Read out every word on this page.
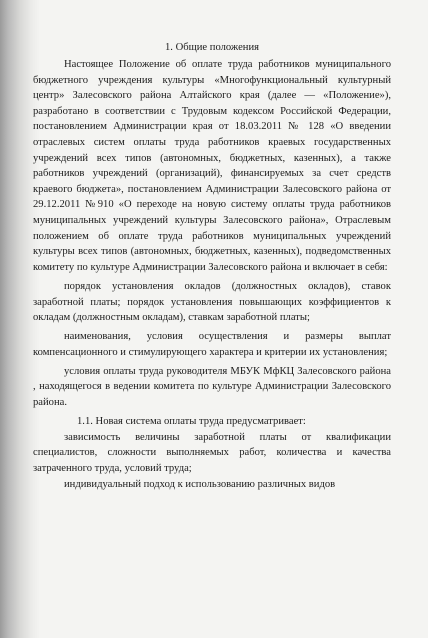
1. Общие положения

Настоящее Положение об оплате труда работников муниципального бюджетного учреждения культуры «Многофункциональный культурный центр» Залесовского района Алтайского края (далее — «Положение»), разработано в соответствии с Трудовым кодексом Российской Федерации, постановлением Администрации края от 18.03.2011 № 128 «О введении отраслевых систем оплаты труда работников краевых государственных учреждений всех типов (автономных, бюджетных, казенных), а также работников учреждений (организаций), финансируемых за счет средств краевого бюджета», постановлением Администрации Залесовского района от 29.12.2011 №910 «О переходе на новую систему оплаты труда работников муниципальных учреждений культуры Залесовского района», Отраслевым положением об оплате труда работников муниципальных учреждений культуры всех типов (автономных, бюджетных, казенных), подведомственных комитету по культуре Администрации Залесовского района и включает в себя:

порядок установления окладов (должностных окладов), ставок заработной платы; порядок установления повышающих коэффициентов к окладам (должностным окладам), ставкам заработной платы;

наименования, условия осуществления и размеры выплат компенсационного и стимулирующего характера и критерии их установления;

условия оплаты труда руководителя МБУК МфКЦ Залесовского района , находящегося в ведении комитета по культуре Администрации Залесовского района.

1.1. Новая система оплаты труда предусматривает:

зависимость величины заработной платы от квалификации специалистов, сложности выполняемых работ, количества и качества затраченного труда, условий труда;

индивидуальный подход к использованию различных видов
